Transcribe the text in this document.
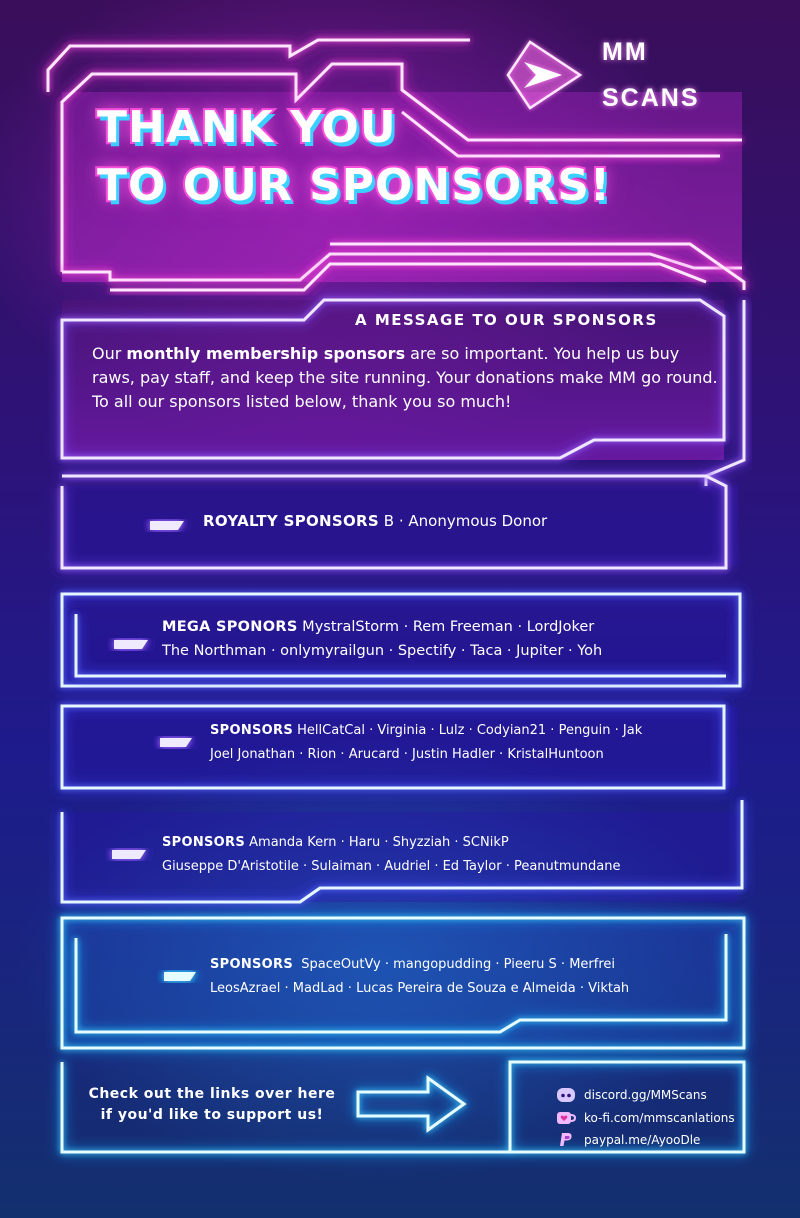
MM
SCANS
THANK YOU
TO OUR SPONSORS!
A MESSAGE TO OUR SPONSORS
Our monthly membership sponsors are so important. You help us buy raws, pay staff, and keep the site running. Your donations make MM go round. To all our sponsors listed below, thank you so much!
ROYALTY SPONSORS B · Anonymous Donor
MEGA SPONORS MystralStorm · Rem Freeman · LordJoker
The Northman · onlymyrailgun · Spectify · Taca · Jupiter · Yoh
SPONSORS HellCatCal · Virginia · Lulz · Codyian21 · Penguin · Jak
Joel Jonathan · Rion · Arucard · Justin Hadler · KristalHuntoon
SPONSORS Amanda Kern · Haru · Shyzziah · SCNikP
Giuseppe D'Aristotile · Sulaiman · Audriel · Ed Taylor · Peanutmundane
SPONSORS  SpaceOutVy · mangopudding · Pieeru S · Merfrei
LeosAzrael · MadLad · Lucas Pereira de Souza e Almeida · Viktah
Check out the links over here
if you'd like to support us!
discord.gg/MMScans
ko-fi.com/mmscanlations
paypal.me/AyooDle
